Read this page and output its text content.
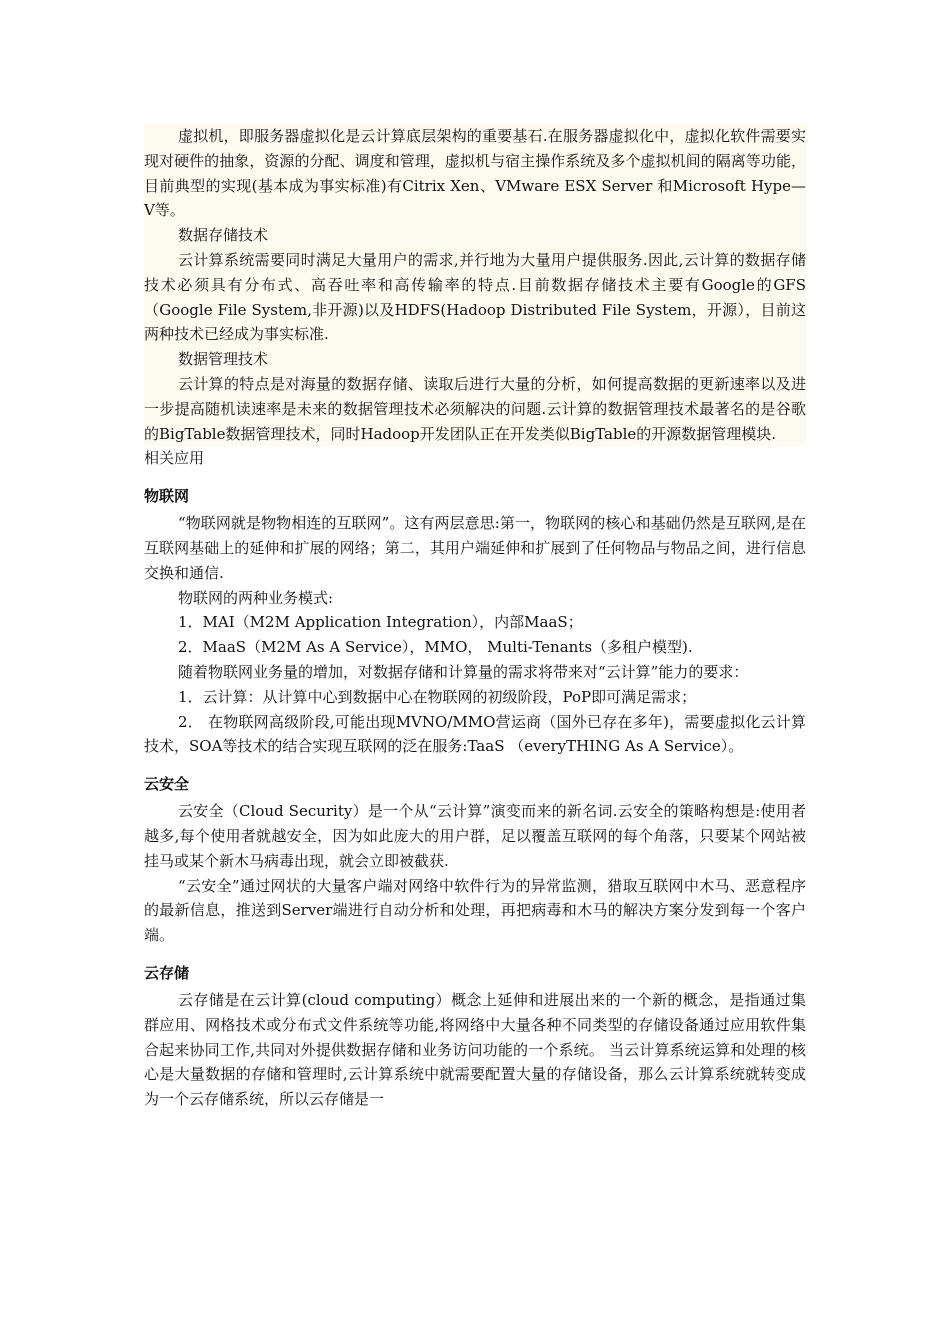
虚拟机，即服务器虚拟化是云计算底层架构的重要基石.在服务器虚拟化中，虚拟化软件需要实现对硬件的抽象，资源的分配、调度和管理，虚拟机与宿主操作系统及多个虚拟机间的隔离等功能，目前典型的实现(基本成为事实标准)有Citrix Xen、VMware ESX Server 和Microsoft Hype—V等。

数据存储技术

云计算系统需要同时满足大量用户的需求,并行地为大量用户提供服务.因此,云计算的数据存储技术必须具有分布式、高吞吐率和高传输率的特点.目前数据存储技术主要有Google的GFS（Google File System,非开源)以及HDFS(Hadoop Distributed File System，开源），目前这两种技术已经成为事实标准.

数据管理技术

云计算的特点是对海量的数据存储、读取后进行大量的分析，如何提高数据的更新速率以及进一步提高随机读速率是未来的数据管理技术必须解决的问题.云计算的数据管理技术最著名的是谷歌的BigTable数据管理技术，同时Hadoop开发团队正在开发类似BigTable的开源数据管理模块.

相关应用

物联网

“物联网就是物物相连的互联网”。这有两层意思:第一，物联网的核心和基础仍然是互联网,是在互联网基础上的延伸和扩展的网络；第二，其用户端延伸和扩展到了任何物品与物品之间，进行信息交换和通信.

物联网的两种业务模式:

1．MAI（M2M Application Integration），内部MaaS；

2．MaaS（M2M As A Service），MMO， Multi-Tenants（多租户模型).

随着物联网业务量的增加，对数据存储和计算量的需求将带来对“云计算”能力的要求：

1．云计算：从计算中心到数据中心在物联网的初级阶段，PoP即可满足需求；

2． 在物联网高级阶段,可能出现MVNO/MMO营运商（国外已存在多年)，需要虚拟化云计算技术，SOA等技术的结合实现互联网的泛在服务:TaaS （everyTHING As A Service）。

云安全

云安全（Cloud Security）是一个从“云计算”演变而来的新名词.云安全的策略构想是:使用者越多,每个使用者就越安全，因为如此庞大的用户群，足以覆盖互联网的每个角落，只要某个网站被挂马或某个新木马病毒出现，就会立即被截获.

“云安全”通过网状的大量客户端对网络中软件行为的异常监测，猎取互联网中木马、恶意程序的最新信息，推送到Server端进行自动分析和处理，再把病毒和木马的解决方案分发到每一个客户端。

云存储

云存储是在云计算(cloud computing）概念上延伸和进展出来的一个新的概念，是指通过集群应用、网格技术或分布式文件系统等功能,将网络中大量各种不同类型的存储设备通过应用软件集合起来协同工作,共同对外提供数据存储和业务访问功能的一个系统。 当云计算系统运算和处理的核心是大量数据的存储和管理时,云计算系统中就需要配置大量的存储设备，那么云计算系统就转变成为一个云存储系统，所以云存储是一
